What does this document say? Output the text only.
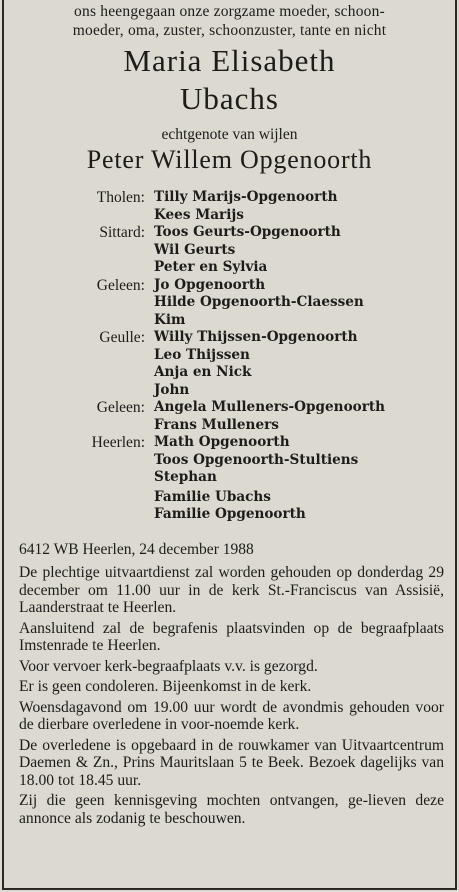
ons heengegaan onze zorgzame moeder, schoon-
moeder, oma, zuster, schoonzuster, tante en nicht
Maria Elisabeth
Ubachs
echtgenote van wijlen
Peter Willem Opgenoorth
Tholen: Tilly Marijs-Opgenoorth
Kees Marijs
Sittard: Toos Geurts-Opgenoorth
Wil Geurts
Peter en Sylvia
Geleen: Jo Opgenoorth
Hilde Opgenoorth-Claessen
Kim
Geulle: Willy Thijssen-Opgenoorth
Leo Thijssen
Anja en Nick
John
Geleen: Angela Mulleners-Opgenoorth
Frans Mulleners
Heerlen: Math Opgenoorth
Toos Opgenoorth-Stultiens
Stephan
Familie Ubachs
Familie Opgenoorth
6412 WB Heerlen, 24 december 1988

De plechtige uitvaartdienst zal worden gehouden op donderdag 29 december om 11.00 uur in de kerk St.-Franciscus van Assisië, Laanderstraat te Heerlen.

Aansluitend zal de begrafenis plaatsvinden op de begraafplaats Imstenrade te Heerlen.

Voor vervoer kerk-begraafplaats v.v. is gezorgd.

Er is geen condoleren. Bijeenkomst in de kerk.

Woensdagavond om 19.00 uur wordt de avondmis gehouden voor de dierbare overledene in voor-noemde kerk.

De overledene is opgebaard in de rouwkamer van Uitvaartcentrum Daemen & Zn., Prins Mauritslaan 5 te Beek. Bezoek dagelijks van 18.00 tot 18.45 uur.

Zij die geen kennisgeving mochten ontvangen, ge-lieven deze annonce als zodanig te beschouwen.
